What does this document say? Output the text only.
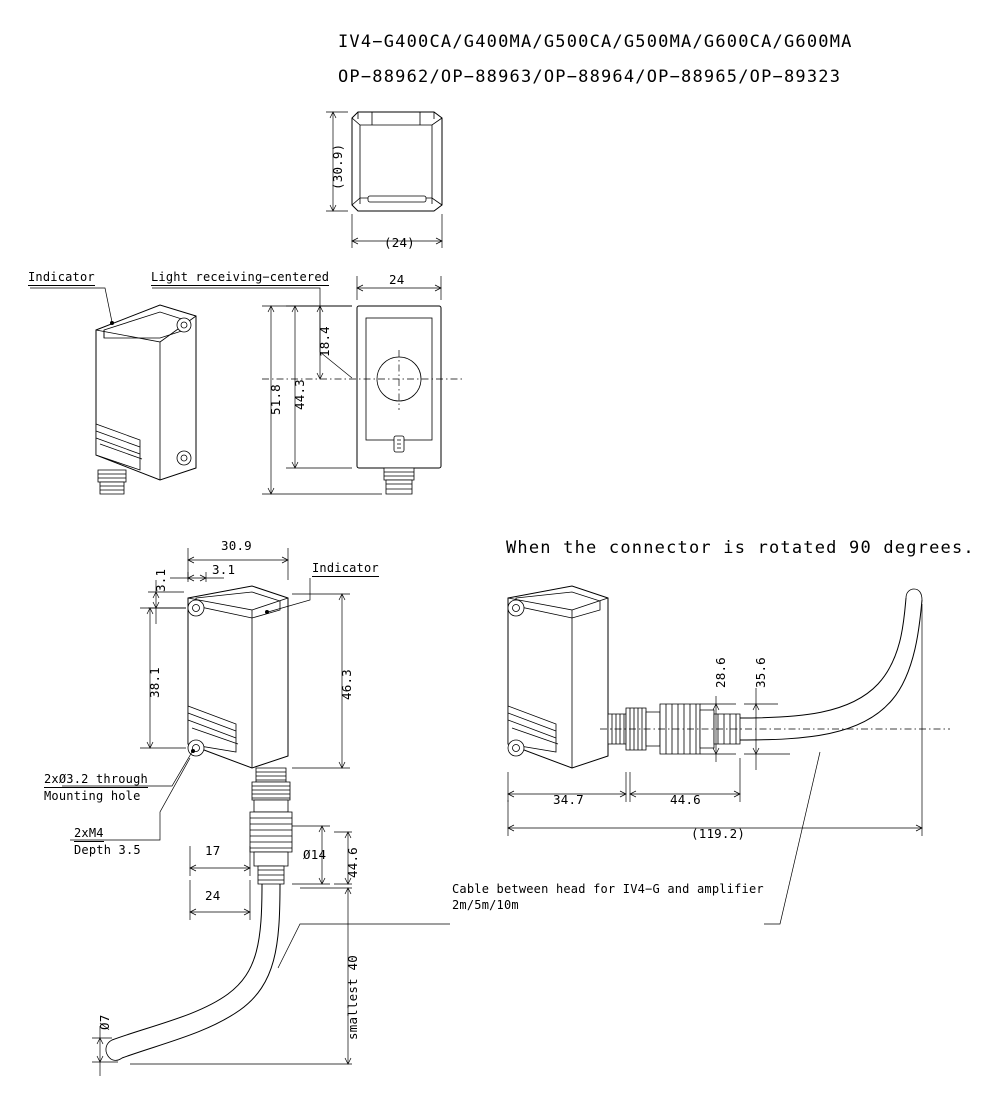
IV4−G400CA/G400MA/G500CA/G500MA/G600CA/G600MA
OP−88962/OP−88963/OP−88964/OP−88965/OP−89323
When the connector is rotated 90 degrees.
(30.9)
(24)
Indicator	Light receiving−centered	24
18.4
44.3
51.8
Indicator
30.9
3.1
3.1
38.1	46.3
17
24
Ø14 44.6
smallest 40
Ø7
2xØ3.2 through
Mounting hole
2xM4
Depth 3.5
Cable between head for IV4−G and amplifier
2m/5m/10m
28.6 35.6
34.7	44.6
(119.2)
